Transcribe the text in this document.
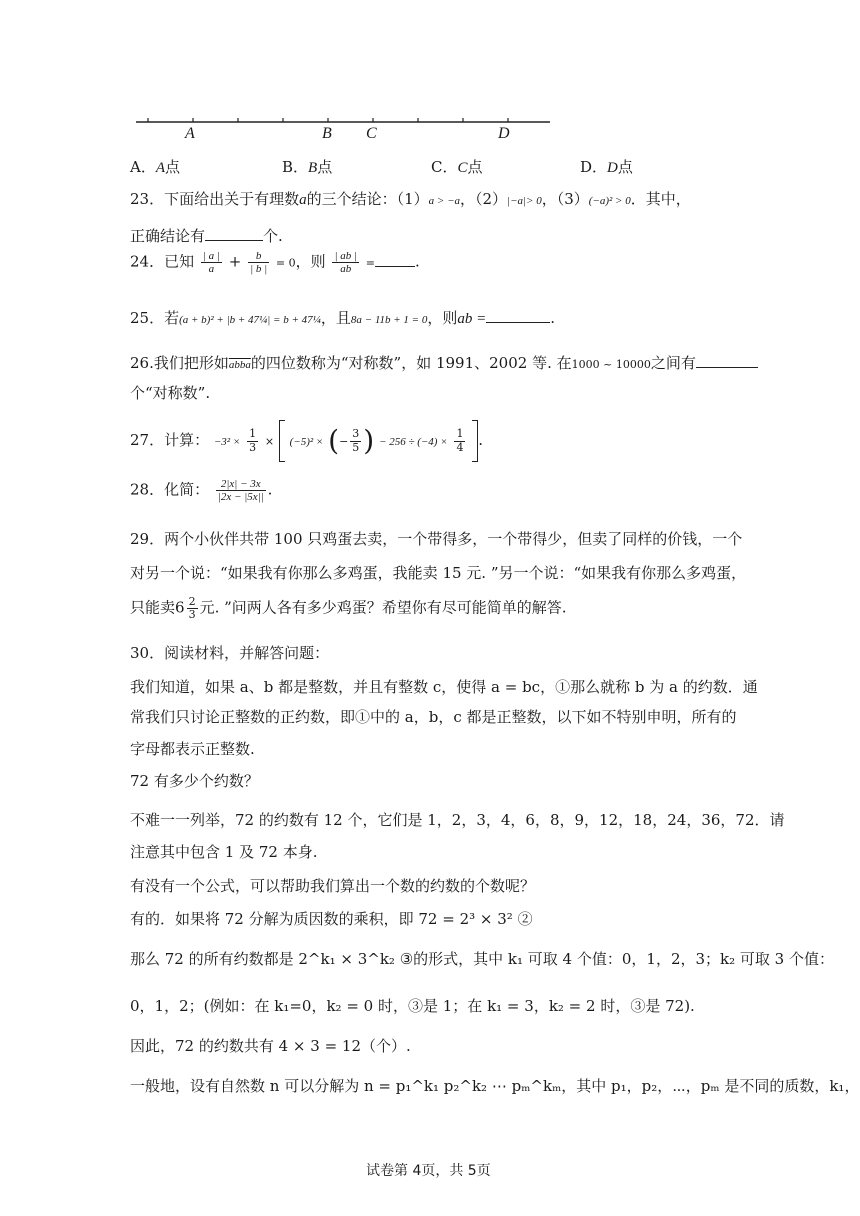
A	B C	D
A．A点	B．B点	C．C点	D．D点
23．下面给出关于有理数a的三个结论：（1）a > −a，（2）|−a|> 0，（3）(−a)² > 0．其中，
正确结论有	个.
24．已知 $\frac{| a |}{a} + \frac{b}{| b |} = 0$，则 $\frac{| ab |}{ab}$ =	.
25．若(a + b)² + |b + 47¼| = b + 47¼，且8a − 11b + 1 = 0，则ab =	.
26.我们把形如abba的四位数称为“对称数”，如 1991、2002 等. 在1000 ~ 10000之间有
个“对称数”.
27．计算： $-3^2 \times \frac{1}{3} \times (-5)^2$ × (− $\frac{3}{5}$ ) − $256 \div (-4) \times \frac{1}{4}$ .
28．化简： $\frac{2|x| - 3x}{|2x - |5x||}$ .
29．两个小伙伴共带 100 只鸡蛋去卖，一个带得多，一个带得少，但卖了同样的价钱，一个
对另一个说：“如果我有你那么多鸡蛋，我能卖 15 元. ”另一个说：“如果我有你那么多鸡蛋，
只能卖$6 \frac{2}{3}$ 元. ”问两人各有多少鸡蛋？希望你有尽可能简单的解答.
30．阅读材料，并解答问题：
我们知道，如果 a、b 都是整数，并且有整数 c，使得 a = bc，①那么就称 b 为 a 的约数．通
常我们只讨论正整数的正约数，即①中的 a，b，c 都是正整数，以下如不特别申明，所有的
字母都表示正整数.
72 有多少个约数？
不难一一列举，72 的约数有 12 个，它们是 1，2，3，4，6，8，9，12，18，24，36，72．请
注意其中包含 1 及 72 本身.
有没有一个公式，可以帮助我们算出一个数的约数的个数呢？
有的．如果将 72 分解为质因数的乘积，即 72 = 2³ × 3² ②
那么 72 的所有约数都是 2^k₁ × 3^k₂ ③的形式，其中 k₁ 可取 4 个值：0，1，2，3；k₂ 可取 3 个值：
0，1，2；(例如：在 k₁=0，k₂ = 0 时，③是 1；在 k₁ = 3，k₂ = 2 时，③是 72).
因此，72 的约数共有 4 × 3 = 12（个）.
一般地，设有自然数 n 可以分解为 n = p₁^k₁ p₂^k₂ ⋯ pₘ^kₘ，其中 p₁，p₂，⋯，pₘ 是不同的质数，k₁，
试卷第 4页，共 5页
